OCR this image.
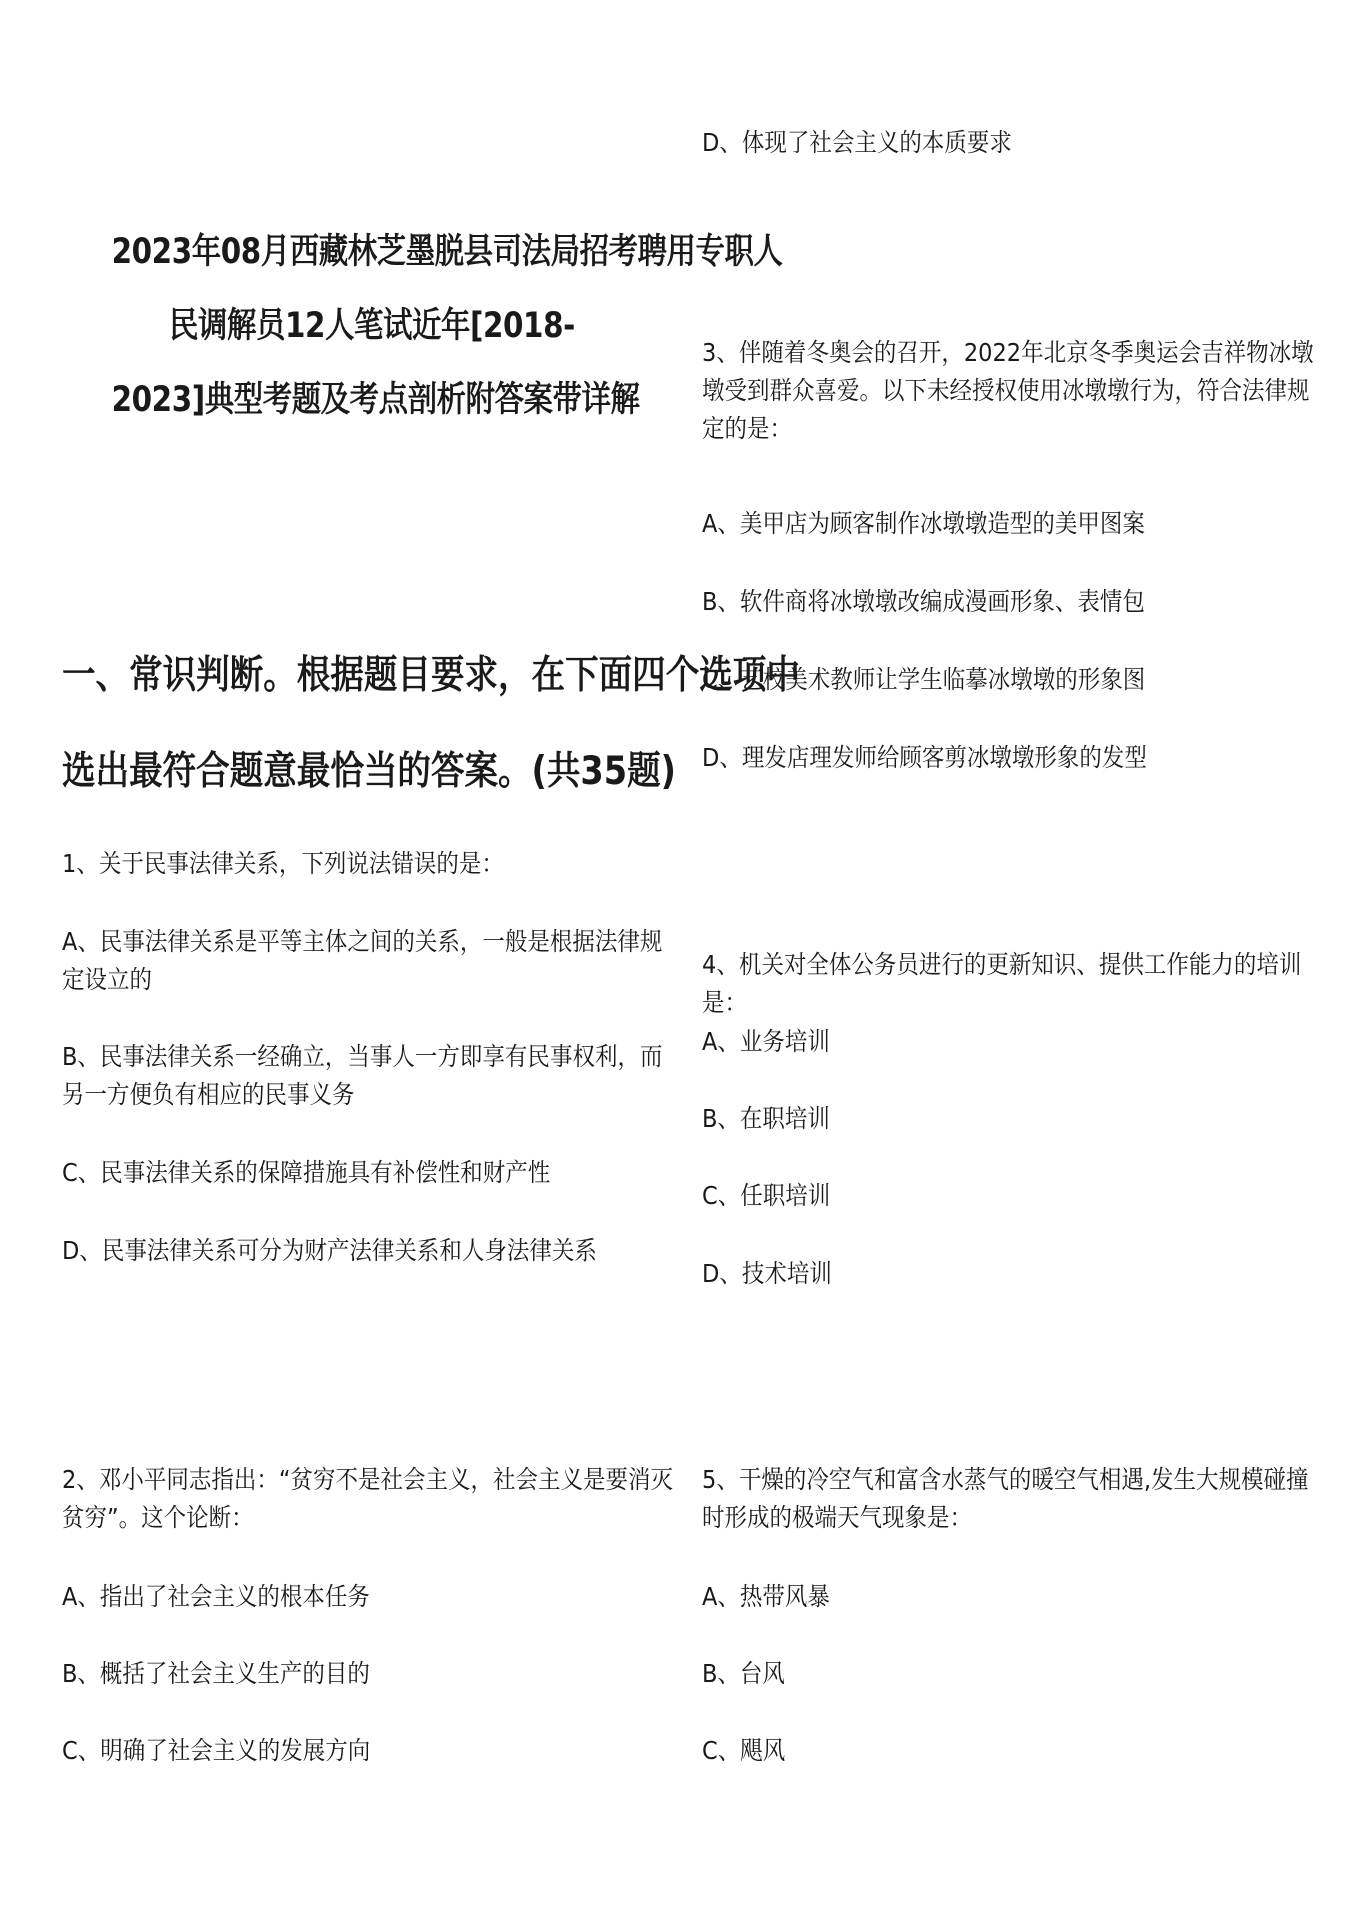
2023年08月西藏林芝墨脱县司法局招考聘用专职人
民调解员12人笔试近年[2018-
2023]典型考题及考点剖析附答案带详解
一、常识判断。根据题目要求，在下面四个选项中
选出最符合题意最恰当的答案。(共35题)

1、关于民事法律关系，下列说法错误的是：

A、民事法律关系是平等主体之间的关系，一般是根据法律规定设立的

B、民事法律关系一经确立，当事人一方即享有民事权利，而另一方便负有相应的民事义务

C、民事法律关系的保障措施具有补偿性和财产性

D、民事法律关系可分为财产法律关系和人身法律关系

2、邓小平同志指出：“贫穷不是社会主义，社会主义是要消灭贫穷”。这个论断：

A、指出了社会主义的根本任务

B、概括了社会主义生产的目的

C、明确了社会主义的发展方向

D、体现了社会主义的本质要求

3、伴随着冬奥会的召开，2022年北京冬季奥运会吉祥物冰墩墩受到群众喜爱。以下未经授权使用冰墩墩行为，符合法律规定的是：

A、美甲店为顾客制作冰墩墩造型的美甲图案

B、软件商将冰墩墩改编成漫画形象、表情包

C、艺校美术教师让学生临摹冰墩墩的形象图

D、理发店理发师给顾客剪冰墩墩形象的发型

4、机关对全体公务员进行的更新知识、提供工作能力的培训是：

A、业务培训

B、在职培训

C、任职培训

D、技术培训

5、干燥的冷空气和富含水蒸气的暖空气相遇,发生大规模碰撞时形成的极端天气现象是：

A、热带风暴

B、台风

C、飓风
